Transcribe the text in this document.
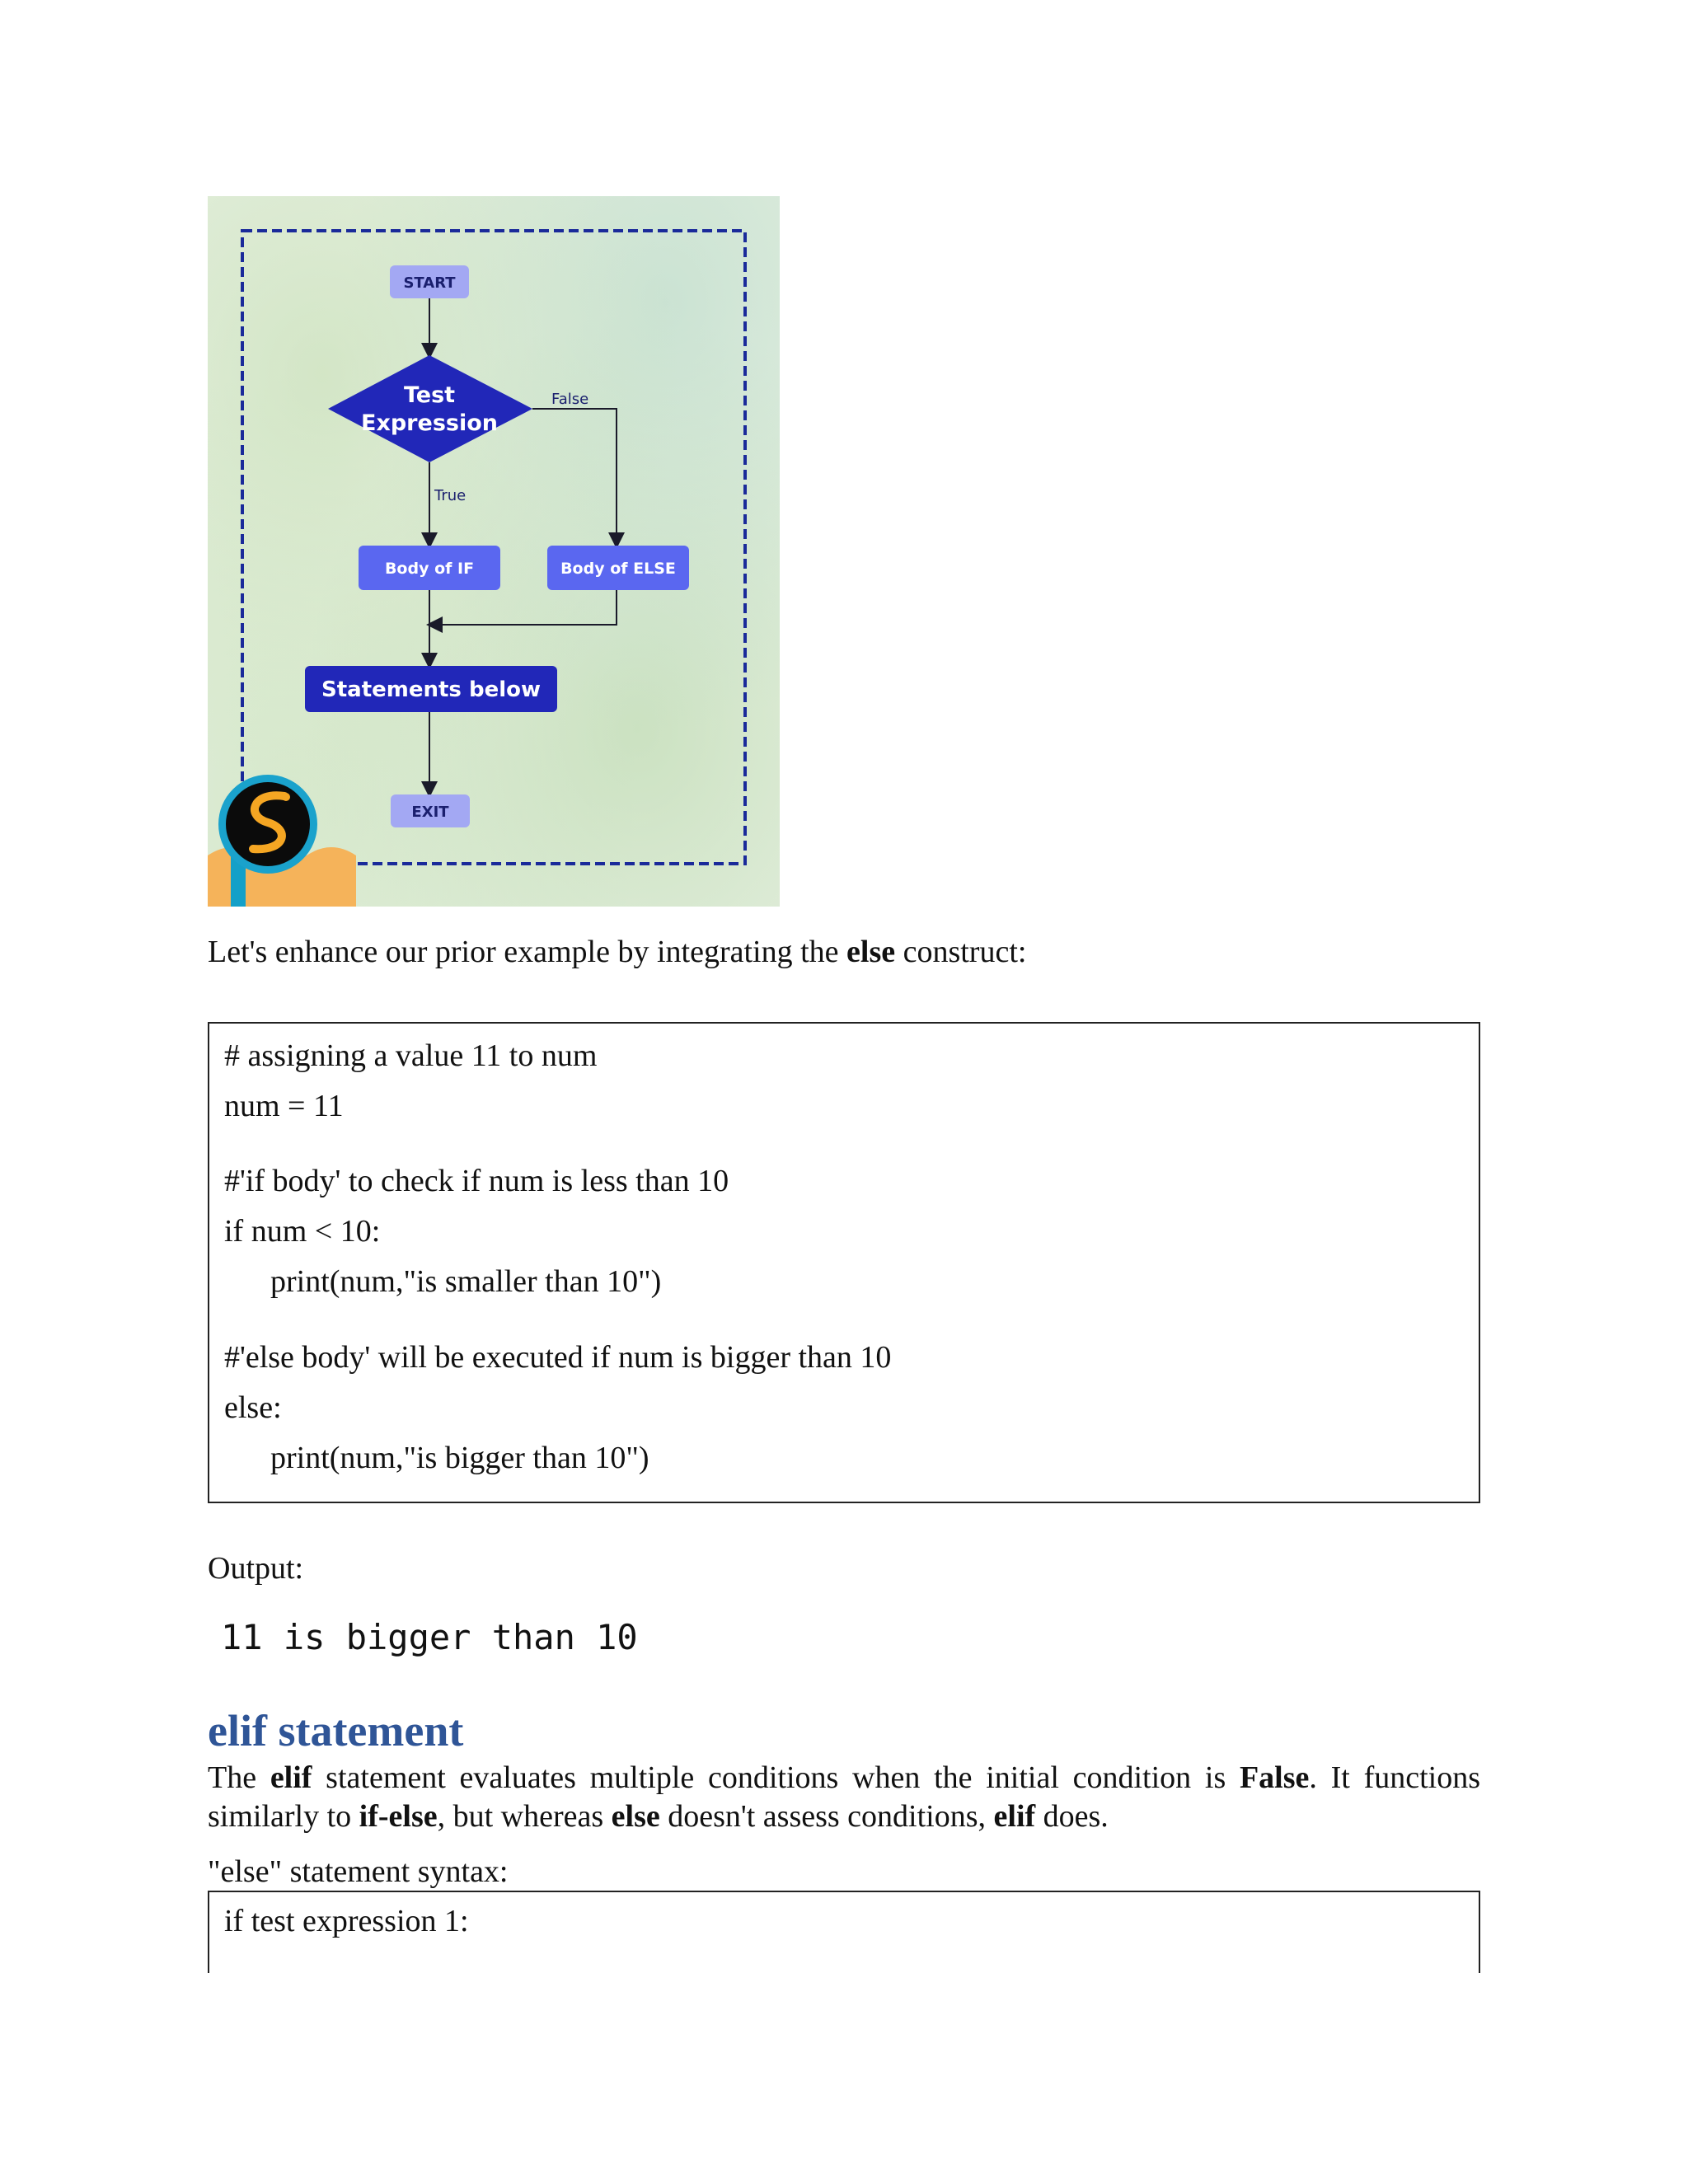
START
Test
Expression
False
True
Body of IF	Body of ELSE
Statements below
EXIT
Let's enhance our prior example by integrating the else construct:
# assigning a value 11 to num
num = 11
#'if body' to check if num is less than 10
if num < 10:
print(num,"is smaller than 10")
#'else body' will be executed if num is bigger than 10
else:
print(num,"is bigger than 10")
Output:
11 is bigger than 10
elif statement
The elif statement evaluates multiple conditions when the initial condition is False. It functions similarly to if-else, but whereas else doesn't assess conditions, elif does.
"else" statement syntax:
if test expression 1:
